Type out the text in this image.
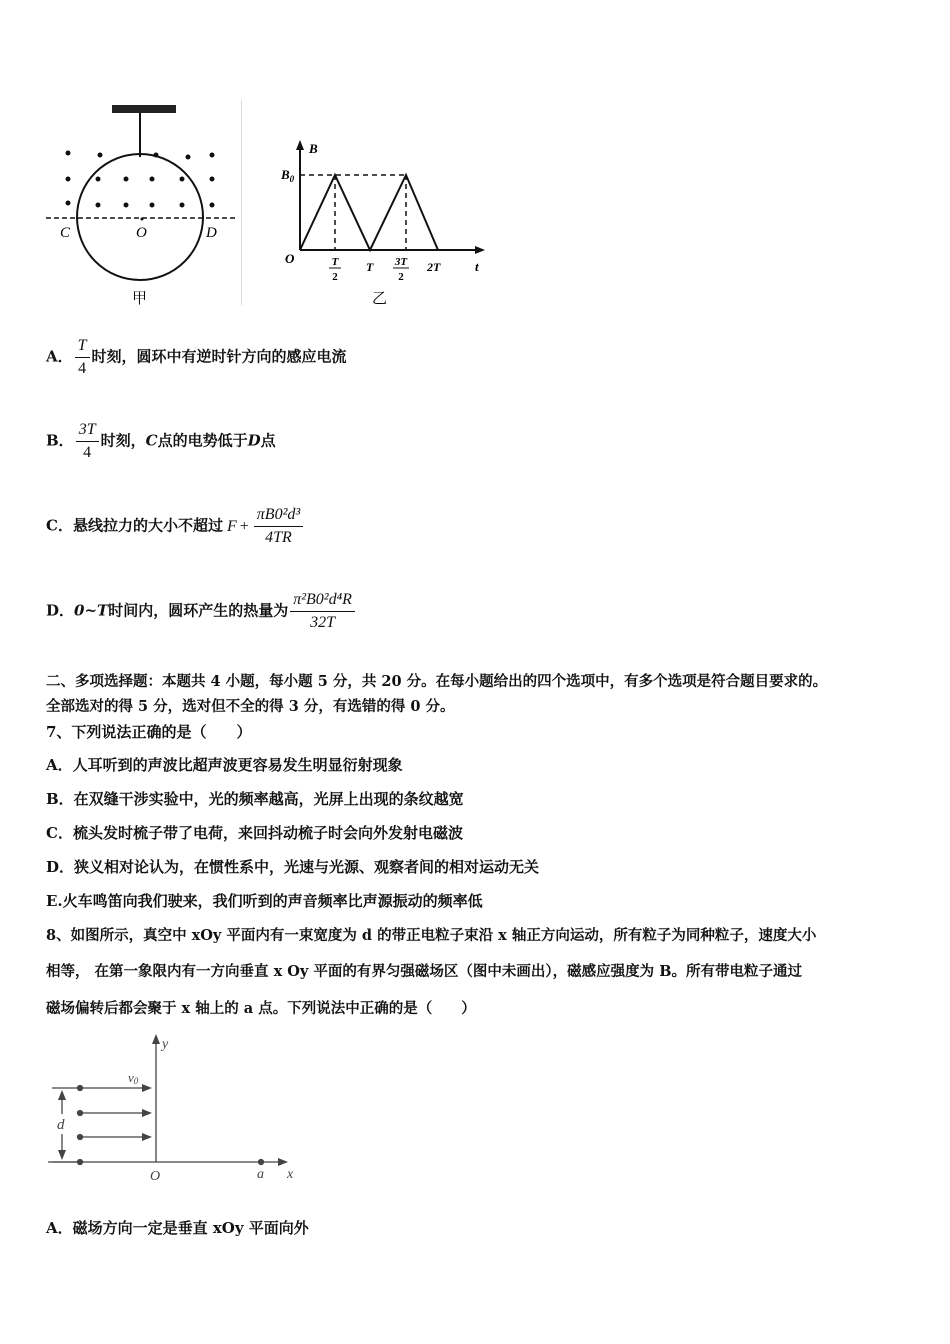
C	O	D
甲
B
t
O
$B_0$
T
2
T 3T
2
2T
乙
A． $\frac{T}{4}$ 时刻，圆环中有逆时针方向的感应电流
B． $\frac{3T}{4}$ 时刻，C点的电势低于D点
C．悬线拉力的大小不超过 $F + \frac{\text{πB0²d³}}{4TR}$
D．0~T时间内，圆环产生的热量为 $\frac{\text{π²B0²d⁴R}}{32T}$
二、多项选择题：本题共 4 小题，每小题 5 分，共 20 分。在每小题给出的四个选项中，有多个选项是符合题目要求的。
全部选对的得 5 分，选对但不全的得 3 分，有选错的得 0 分。
7、下列说法正确的是（　　）
A．人耳听到的声波比超声波更容易发生明显衍射现象
B．在双缝干涉实验中，光的频率越高，光屏上出现的条纹越宽
C．梳头发时梳子带了电荷，来回抖动梳子时会向外发射电磁波
D．狭义相对论认为，在惯性系中，光速与光源、观察者间的相对运动无关
E.火车鸣笛向我们驶来，我们听到的声音频率比声源振动的频率低
8、如图所示，真空中 xOy 平面内有一束宽度为 d 的带正电粒子束沿 x 轴正方向运动，所有粒子为同种粒子，速度大小
相等， 在第一象限内有一方向垂直 x Oy 平面的有界匀强磁场区（图中未画出），磁感应强度为 B。所有带电粒子通过
磁场偏转后都会聚于 x 轴上的 a 点。下列说法中正确的是（　　）
y
x
O	a
d
v0
A．磁场方向一定是垂直 xOy 平面向外
